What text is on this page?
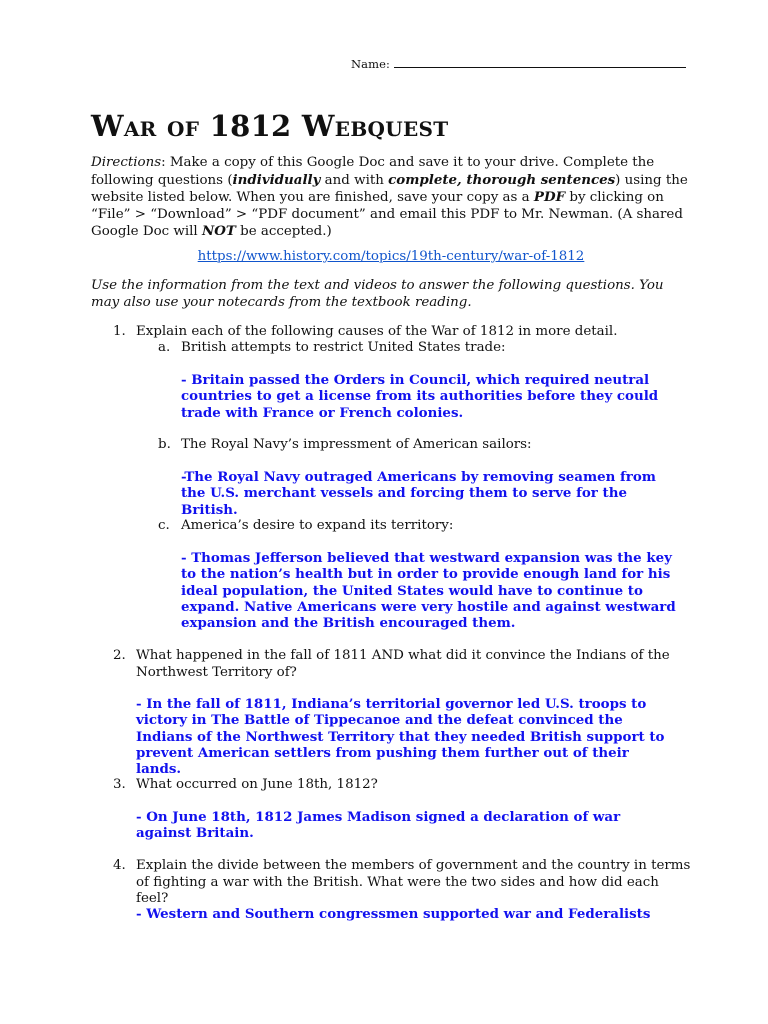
Name:
War of 1812 Webquest
Directions: Make a copy of this Google Doc and save it to your drive. Complete the following questions (individually and with complete, thorough sentences) using the website listed below. When you are finished, save your copy as a PDF by clicking on “File” > “Download” > “PDF document” and email this PDF to Mr. Newman. (A shared Google Doc will NOT be accepted.)
https://www.history.com/topics/19th-century/war-of-1812
Use the information from the text and videos to answer the following questions. You may also use your notecards from the textbook reading.
1. Explain each of the following causes of the War of 1812 in more detail.
a. British attempts to restrict United States trade:
- Britain passed the Orders in Council, which required neutral countries to get a license from its authorities before they could trade with France or French colonies.
b. The Royal Navy’s impressment of American sailors:
-The Royal Navy outraged Americans by removing seamen from the U.S. merchant vessels and forcing them to serve for the British.
c. America’s desire to expand its territory:
- Thomas Jefferson believed that westward expansion was the key to the nation’s health but in order to provide enough land for his ideal population, the United States would have to continue to expand. Native Americans were very hostile and against westward expansion and the British encouraged them.
2. What happened in the fall of 1811 AND what did it convince the Indians of the Northwest Territory of?
- In the fall of 1811, Indiana’s territorial governor led U.S. troops to victory in The Battle of Tippecanoe and the defeat convinced the Indians of the Northwest Territory that they needed British support to prevent American settlers from pushing them further out of their lands.
3. What occurred on June 18th, 1812?
- On June 18th, 1812 James Madison signed a declaration of war against Britain.
4. Explain the divide between the members of government and the country in terms of fighting a war with the British. What were the two sides and how did each feel?
- Western and Southern congressmen supported war and Federalists
